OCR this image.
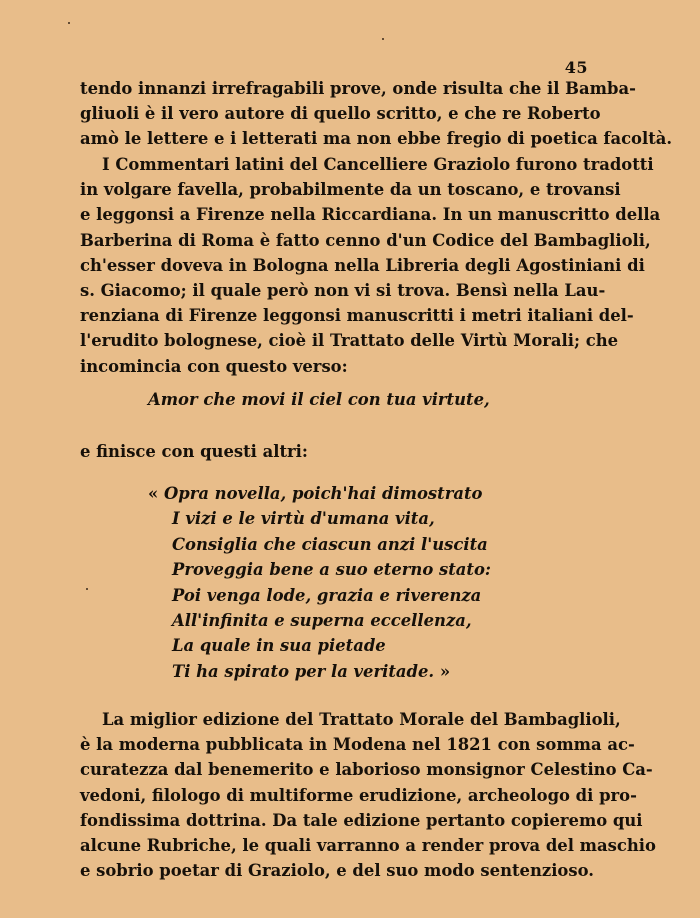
45
tendo innanzi irrefragabili prove, onde risulta che il Bamba-
gliuoli è il vero autore di quello scritto, e che re Roberto
amò le lettere e i letterati ma non ebbe fregio di poetica facoltà.
I Commentari latini del Cancelliere Graziolo furono tradotti
in volgare favella, probabilmente da un toscano, e trovansi
e leggonsi a Firenze nella Riccardiana. In un manuscritto della
Barberina di Roma è fatto cenno d'un Codice del Bambaglioli,
ch'esser doveva in Bologna nella Libreria degli Agostiniani di
s. Giacomo; il quale però non vi si trova. Bensì nella Lau-
renziana di Firenze leggonsi manuscritti i metri italiani del-
l'erudito bolognese, cioè il Trattato delle Virtù Morali; che
incomincia con questo verso:
Amor che movi il ciel con tua virtute,
e finisce con questi altri:
« Opra novella, poich'hai dimostrato
I vizi e le virtù d'umana vita,
Consiglia che ciascun anzi l'uscita
Proveggia bene a suo eterno stato:
Poi venga lode, grazia e riverenza
All'infinita e superna eccellenza,
La quale in sua pietade
Ti ha spirato per la veritade. »
La miglior edizione del Trattato Morale del Bambaglioli,
è la moderna pubblicata in Modena nel 1821 con somma ac-
curatezza dal benemerito e laborioso monsignor Celestino Ca-
vedoni, filologo di multiforme erudizione, archeologo di pro-
fondissima dottrina. Da tale edizione pertanto copieremo qui
alcune Rubriche, le quali varranno a render prova del maschio
e sobrio poetar di Graziolo, e del suo modo sentenzioso.
